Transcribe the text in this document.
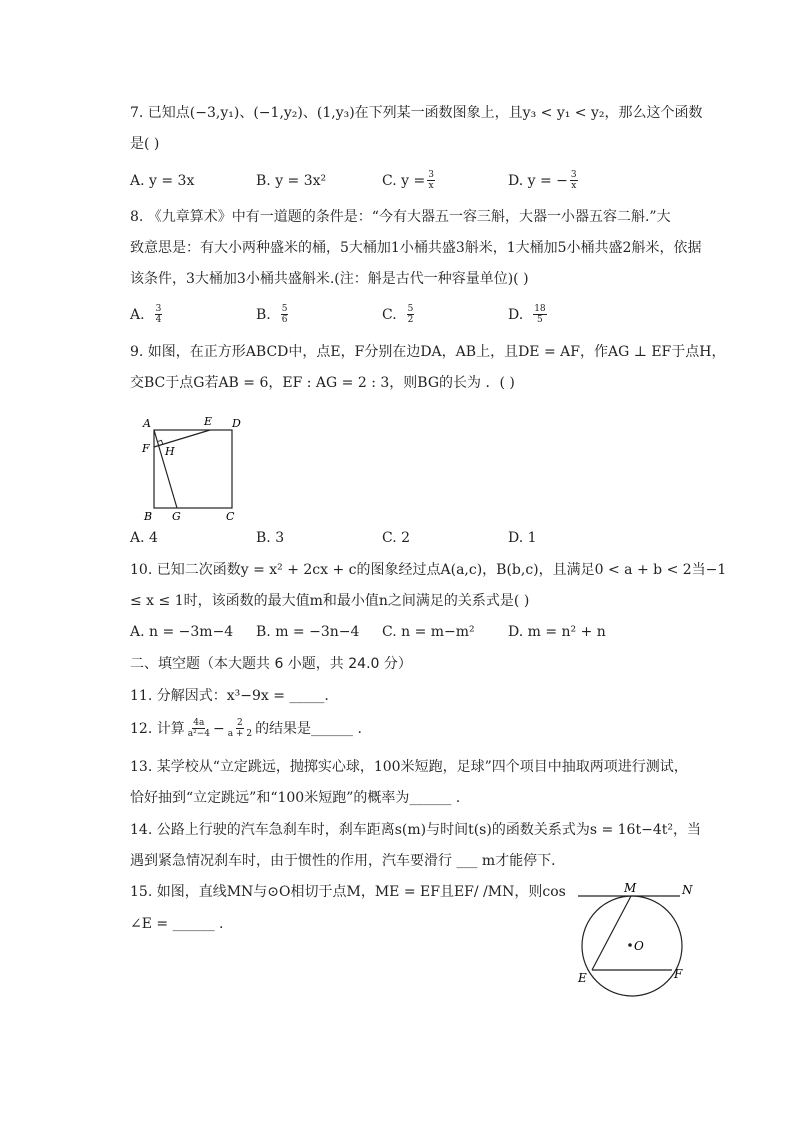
7. 已知点(−3,y₁)、(−1,y₂)、(1,y₃)在下列某一函数图象上，且y₃ < y₁ < y₂，那么这个函数
是( )
A. y = 3x	B. y = 3x²	C. $y = \frac{3}{x}$	D. y = − $\frac{3}{x}$
8. 《九章算术》中有一道题的条件是：“今有大器五一容三斛，大器一小器五容二斛.”大
致意思是：有大小两种盛米的桶，5大桶加1小桶共盛3斛米，1大桶加5小桶共盛2斛米，依据
该条件，3大桶加3小桶共盛斛米.(注：斛是古代一种容量单位)( )
A. $\frac{3}{4}$	B. $\frac{5}{6}$	C. $\frac{5}{2}$	D. $\frac{18}{5}$
9. 如图，在正方形ABCD中，点E，F分别在边DA，AB上，且DE = AF，作AG ⊥ EF于点H，
交BC于点G若AB = 6，EF : AG = 2 : 3，则BG的长为 ．( )
A	E D
F H
B G	C
A. 4	B. 3	C. 2	D. 1
10. 已知二次函数y = x² + 2cx + c的图象经过点A(a,c)，B(b,c)，且满足0 < a + b < 2当−1
≤ x ≤ 1时，该函数的最大值m和最小值n之间满足的关系式是( )
A. n = −3m−4	B. m = −3n−4	C. n = m−m²	D. m = n² + n
二、填空题（本大题共 6 小题，共 24.0 分）
11. 分解因式：x³−9x = _____.
12. 计算 $\frac{4a}{\text{a²−4}} - \frac{2}{a + 2}$ 的结果是______ .
13. 某学校从“立定跳远，抛掷实心球，100米短跑，足球”四个项目中抽取两项进行测试，
恰好抽到“立定跳远”和“100米短跑”的概率为______ .
14. 公路上行驶的汽车急刹车时，刹车距离s(m)与时间t(s)的函数关系式为s = 16t−4t²，当
遇到紧急情况刹车时，由于惯性的作用，汽车要滑行 ___ m才能停下．
15. 如图，直线MN与⊙O相切于点M，ME = EF且EF/ /MN，则cos
∠E = ______ .
M	N
O
E	F
